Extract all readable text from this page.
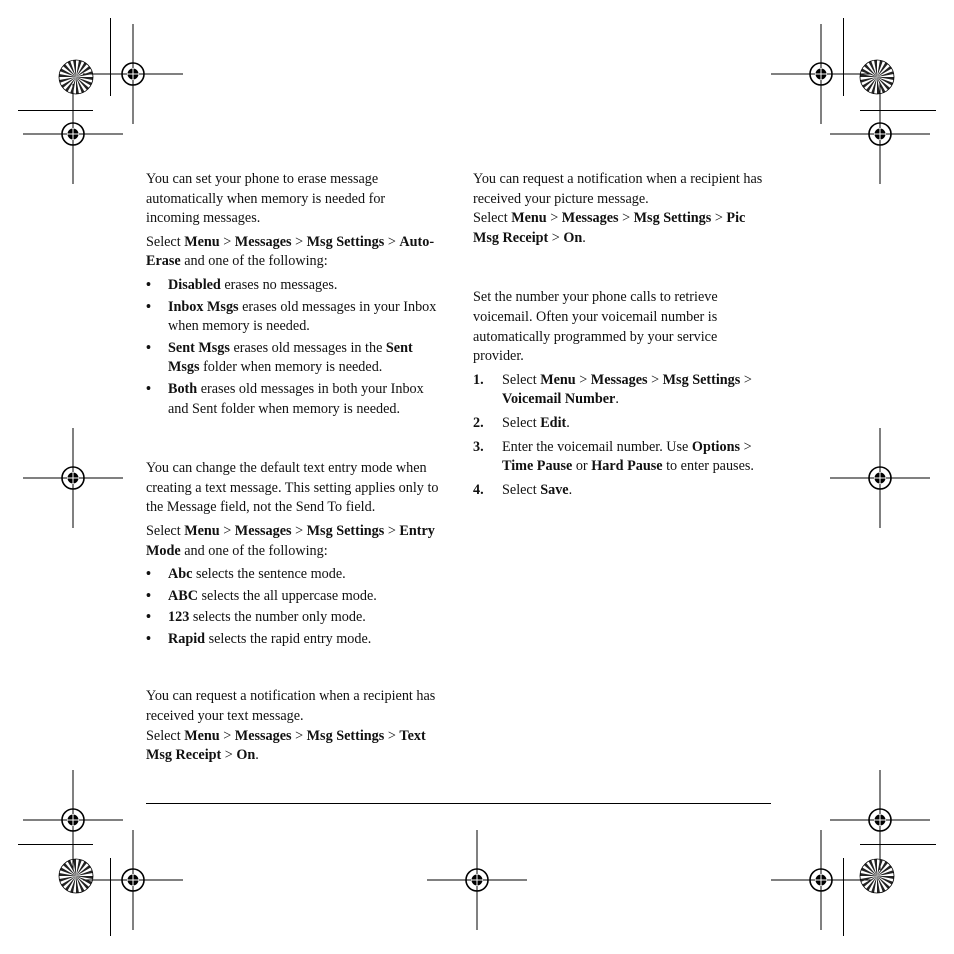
You can set your phone to erase message automatically when memory is needed for incoming messages.

Select Menu > Messages > Msg Settings > Auto-Erase and one of the following:

• Disabled erases no messages.
• Inbox Msgs erases old messages in your Inbox when memory is needed.
• Sent Msgs erases old messages in the Sent Msgs folder when memory is needed.
• Both erases old messages in both your Inbox and Sent folder when memory is needed.

You can change the default text entry mode when creating a text message. This setting applies only to the Message field, not the Send To field.

Select Menu > Messages > Msg Settings > Entry Mode and one of the following:

• Abc selects the sentence mode.
• ABC selects the all uppercase mode.
• 123 selects the number only mode.
• Rapid selects the rapid entry mode.

You can request a notification when a recipient has received your text message.

Select Menu > Messages > Msg Settings > Text Msg Receipt > On.

You can request a notification when a recipient has received your picture message.

Select Menu > Messages > Msg Settings > Pic Msg Receipt > On.

Set the number your phone calls to retrieve voicemail. Often your voicemail number is automatically programmed by your service provider.

1. Select Menu > Messages > Msg Settings > Voicemail Number.
2. Select Edit.
3. Enter the voicemail number. Use Options > Time Pause or Hard Pause to enter pauses.
4. Select Save.
